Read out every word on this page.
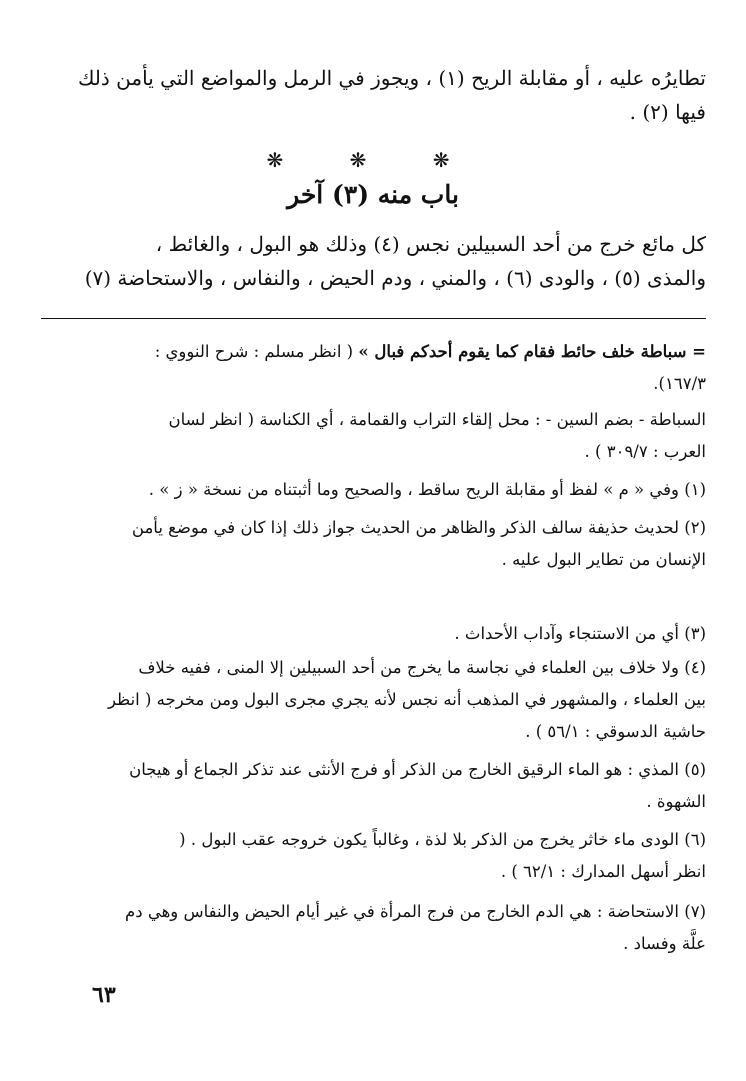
تطايرُه عليه ، أو مقابلة الريح (١) ، ويجوز في الرمل والمواضع التي يأمن ذلك
فيها (٢) .
❋ ❋ ❋
باب منه (٣) آخر
كل مائع خرج من أحد السبيلين نجس (٤) وذلك هو البول ، والغائط ،
والمذى (٥) ، والودى (٦) ، والمني ، ودم الحيض ، والنفاس ، والاستحاضة (٧)
= سباطة خلف حائط فقام كما يقوم أحدكم فبال » ( انظر مسلم : شرح النووي :
١٦٧/٣).
السباطة - بضم السين - : محل إلقاء التراب والقمامة ، أي الكناسة ( انظر لسان
العرب : ٣٠٩/٧ ) .
(١) وفي « م » لفظ أو مقابلة الريح ساقط ، والصحيح وما أثبتناه من نسخة « ز » .
(٢) لحديث حذيفة سالف الذكر والظاهر من الحديث جواز ذلك إذا كان في موضع يأمن
الإنسان من تطاير البول عليه .
(٣) أي من الاستنجاء وآداب الأحداث .
(٤) ولا خلاف بين العلماء في نجاسة ما يخرج من أحد السبيلين إلا المنى ، ففيه خلاف
بين العلماء ، والمشهور في المذهب أنه نجس لأنه يجري مجرى البول ومن مخرجه ( انظر
حاشية الدسوقي : ٥٦/١ ) .
(٥) المذي : هو الماء الرقيق الخارج من الذكر أو فرج الأنثى عند تذكر الجماع أو هيجان
الشهوة .
(٦) الودى ماء خاثر يخرج من الذكر بلا لذة ، وغالباً يكون خروجه عقب البول . (
انظر أسهل المدارك : ٦٢/١ ) .
(٧) الاستحاضة : هي الدم الخارج من فرج المرأة في غير أيام الحيض والنفاس وهي دم
علَّة وفساد .
٦٣
